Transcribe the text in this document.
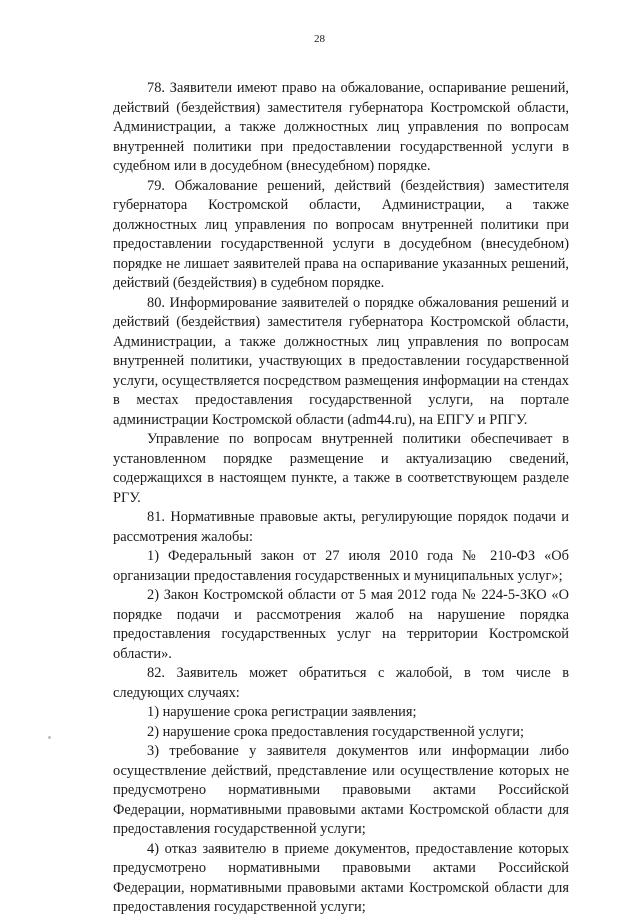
28

78. Заявители имеют право на обжалование, оспаривание решений, действий (бездействия) заместителя губернатора Костромской области, Администрации, а также должностных лиц управления по вопросам внутренней политики при предоставлении государственной услуги в судебном или в досудебном (внесудебном) порядке.

79. Обжалование решений, действий (бездействия) заместителя губернатора Костромской области, Администрации, а также должностных лиц управления по вопросам внутренней политики при предоставлении государственной услуги в досудебном (внесудебном) порядке не лишает заявителей права на оспаривание указанных решений, действий (бездействия) в судебном порядке.

80. Информирование заявителей о порядке обжалования решений и действий (бездействия) заместителя губернатора Костромской области, Администрации, а также должностных лиц управления по вопросам внутренней политики, участвующих в предоставлении государственной услуги, осуществляется посредством размещения информации на стендах в местах предоставления государственной услуги, на портале администрации Костромской области (adm44.ru), на ЕПГУ и РПГУ.

Управление по вопросам внутренней политики обеспечивает в установленном порядке размещение и актуализацию сведений, содержащихся в настоящем пункте, а также в соответствующем разделе РГУ.

81. Нормативные правовые акты, регулирующие порядок подачи и рассмотрения жалобы:

1) Федеральный закон от 27 июля 2010 года № 210-ФЗ «Об организации предоставления государственных и муниципальных услуг»;

2) Закон Костромской области от 5 мая 2012 года № 224-5-ЗКО «О порядке подачи и рассмотрения жалоб на нарушение порядка предоставления государственных услуг на территории Костромской области».

82. Заявитель может обратиться с жалобой, в том числе в следующих случаях:

1) нарушение срока регистрации заявления;

2) нарушение срока предоставления государственной услуги;

3) требование у заявителя документов или информации либо осуществление действий, представление или осуществление которых не предусмотрено нормативными правовыми актами Российской Федерации, нормативными правовыми актами Костромской области для предоставления государственной услуги;

4) отказ заявителю в приеме документов, предоставление которых предусмотрено нормативными правовыми актами Российской Федерации, нормативными правовыми актами Костромской области для предоставления государственной услуги;
